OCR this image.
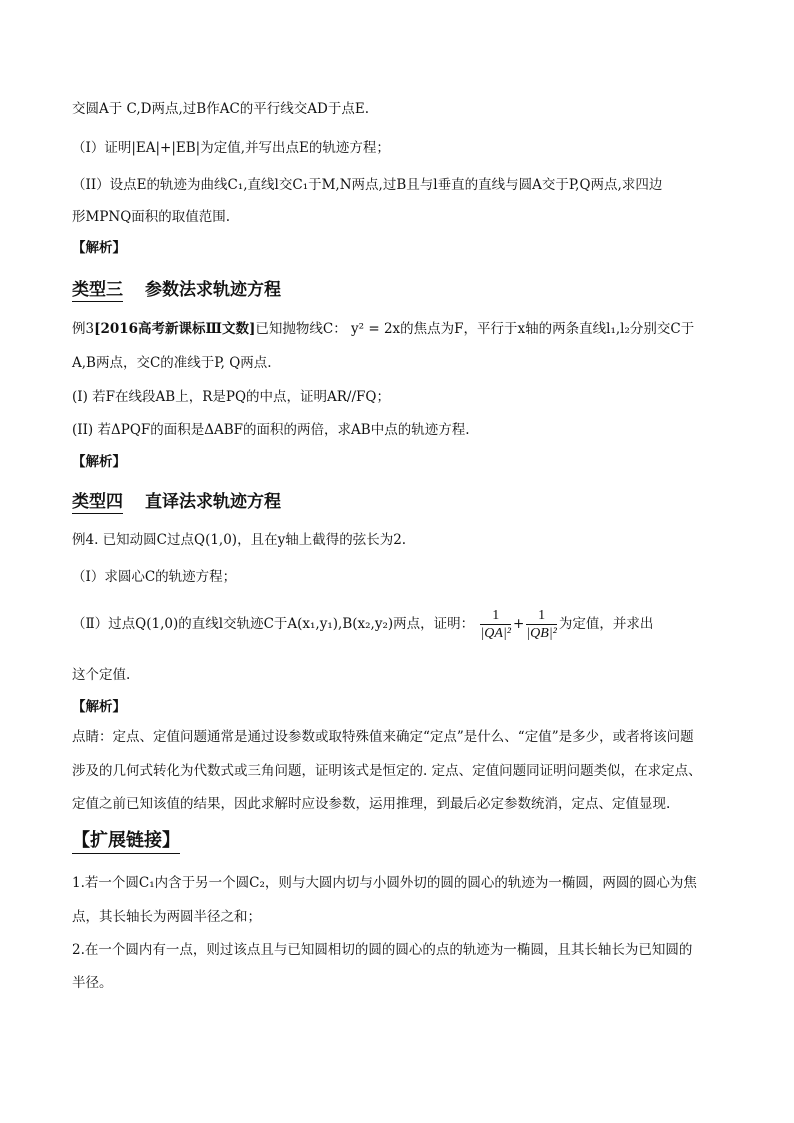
交圆A于 C,D两点,过B作AC的平行线交AD于点E.
（I）证明|EA|+|EB|为定值,并写出点E的轨迹方程；
（II）设点E的轨迹为曲线C₁,直线l交C₁于M,N两点,过B且与l垂直的直线与圆A交于P,Q两点,求四边
形MPNQ面积的取值范围.
【解析】
类型三 参数法求轨迹方程
例3[2016高考新课标Ⅲ文数]已知抛物线C： y² = 2x的焦点为F，平行于x轴的两条直线l₁,l₂分别交C于
A,B两点，交C的准线于P, Q两点.
(I) 若F在线段AB上，R是PQ的中点，证明AR//FQ；
(II) 若ΔPQF的面积是ΔABF的面积的两倍，求AB中点的轨迹方程.
【解析】
类型四 直译法求轨迹方程
例4. 已知动圆C过点Q(1,0)，且在y轴上截得的弦长为2.
（Ⅰ）求圆心C的轨迹方程；
（Ⅱ）过点Q(1,0)的直线l交轨迹C于A(x₁,y₁),B(x₂,y₂)两点，证明： $\frac{1}{\text{|QA|²}} + \frac{1}{\text{|QB|²}}$ 为定值，并求出
这个定值.
【解析】
点睛：定点、定值问题通常是通过设参数或取特殊值来确定“定点”是什么、“定值”是多少，或者将该问题
涉及的几何式转化为代数式或三角问题，证明该式是恒定的. 定点、定值问题同证明问题类似，在求定点、
定值之前已知该值的结果，因此求解时应设参数，运用推理，到最后必定参数统消，定点、定值显现.
【扩展链接】
1.若一个圆C₁内含于另一个圆C₂，则与大圆内切与小圆外切的圆的圆心的轨迹为一椭圆，两圆的圆心为焦
点，其长轴长为两圆半径之和；
2.在一个圆内有一点，则过该点且与已知圆相切的圆的圆心的点的轨迹为一椭圆，且其长轴长为已知圆的
半径。
